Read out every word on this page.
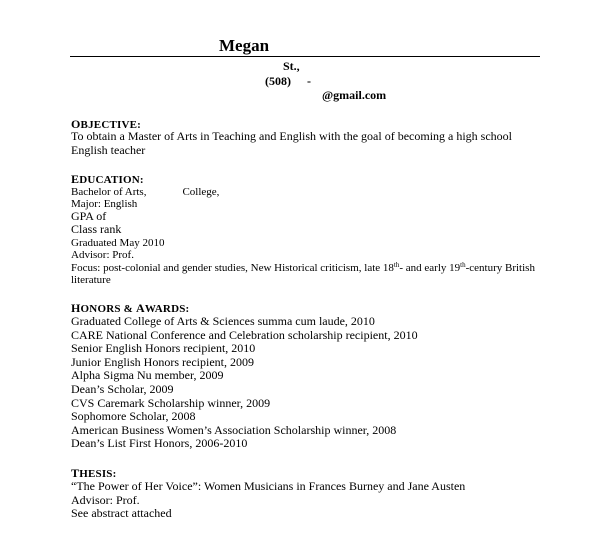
Megan
St.,
(508) -
@gmail.com
OBJECTIVE:
To obtain a Master of Arts in Teaching and English with the goal of becoming a high school
English teacher
EDUCATION:
Bachelor of Arts,	College,
Major: English
GPA of
Class rank
Graduated May 2010
Advisor: Prof.
Focus: post-colonial and gender studies, New Historical criticism, late 18th- and early 19th-century British
literature
HONORS & AWARDS:
Graduated College of Arts & Sciences summa cum laude, 2010
CARE National Conference and Celebration scholarship recipient, 2010
Senior English Honors recipient, 2010
Junior English Honors recipient, 2009
Alpha Sigma Nu member, 2009
Dean’s Scholar, 2009
CVS Caremark Scholarship winner, 2009
Sophomore Scholar, 2008
American Business Women’s Association Scholarship winner, 2008
Dean’s List First Honors, 2006-2010
THESIS:
“The Power of Her Voice”: Women Musicians in Frances Burney and Jane Austen
Advisor: Prof.
See abstract attached
